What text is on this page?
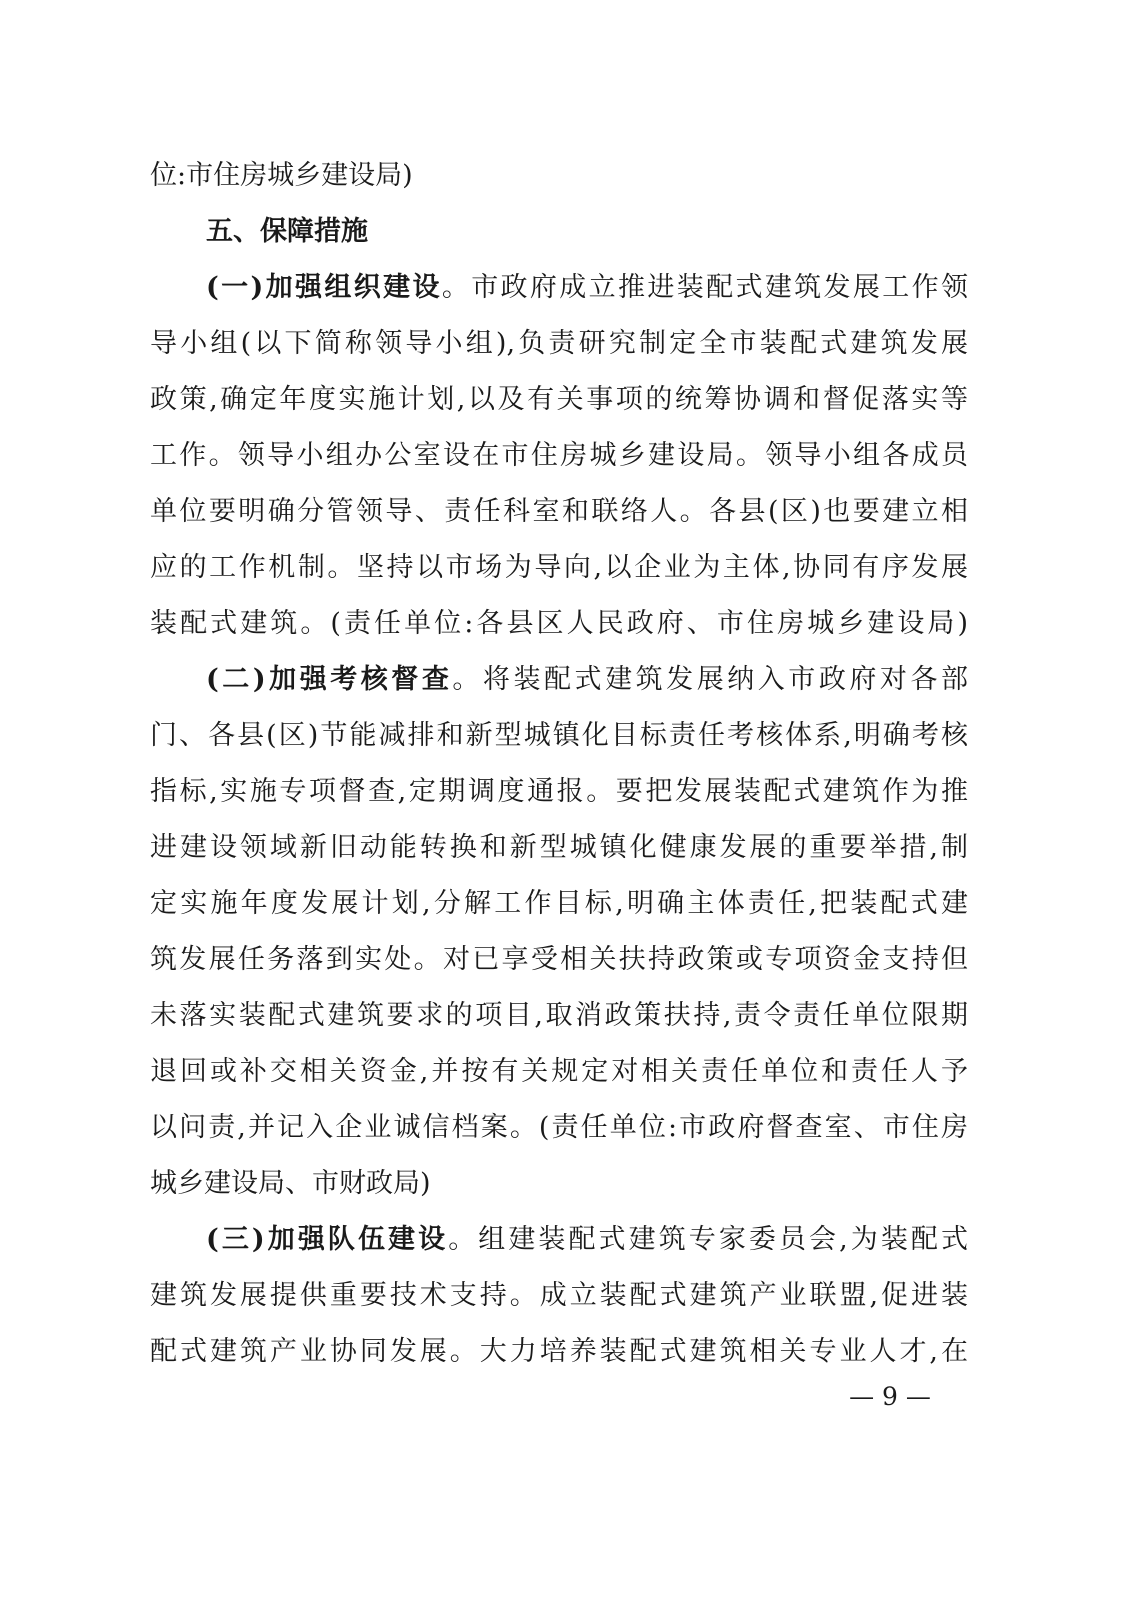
位:市住房城乡建设局)
五、保障措施
(一)加强组织建设。市政府成立推进装配式建筑发展工作领
导小组(以下简称领导小组),负责研究制定全市装配式建筑发展
政策,确定年度实施计划,以及有关事项的统筹协调和督促落实等
工作。领导小组办公室设在市住房城乡建设局。领导小组各成员
单位要明确分管领导、责任科室和联络人。各县(区)也要建立相
应的工作机制。坚持以市场为导向,以企业为主体,协同有序发展
装配式建筑。(责任单位:各县区人民政府、市住房城乡建设局)
(二)加强考核督查。将装配式建筑发展纳入市政府对各部
门、各县(区)节能减排和新型城镇化目标责任考核体系,明确考核
指标,实施专项督查,定期调度通报。要把发展装配式建筑作为推
进建设领域新旧动能转换和新型城镇化健康发展的重要举措,制
定实施年度发展计划,分解工作目标,明确主体责任,把装配式建
筑发展任务落到实处。对已享受相关扶持政策或专项资金支持但
未落实装配式建筑要求的项目,取消政策扶持,责令责任单位限期
退回或补交相关资金,并按有关规定对相关责任单位和责任人予
以问责,并记入企业诚信档案。(责任单位:市政府督查室、市住房
城乡建设局、市财政局)
(三)加强队伍建设。组建装配式建筑专家委员会,为装配式
建筑发展提供重要技术支持。成立装配式建筑产业联盟,促进装
配式建筑产业协同发展。大力培养装配式建筑相关专业人才,在
— 9 —
